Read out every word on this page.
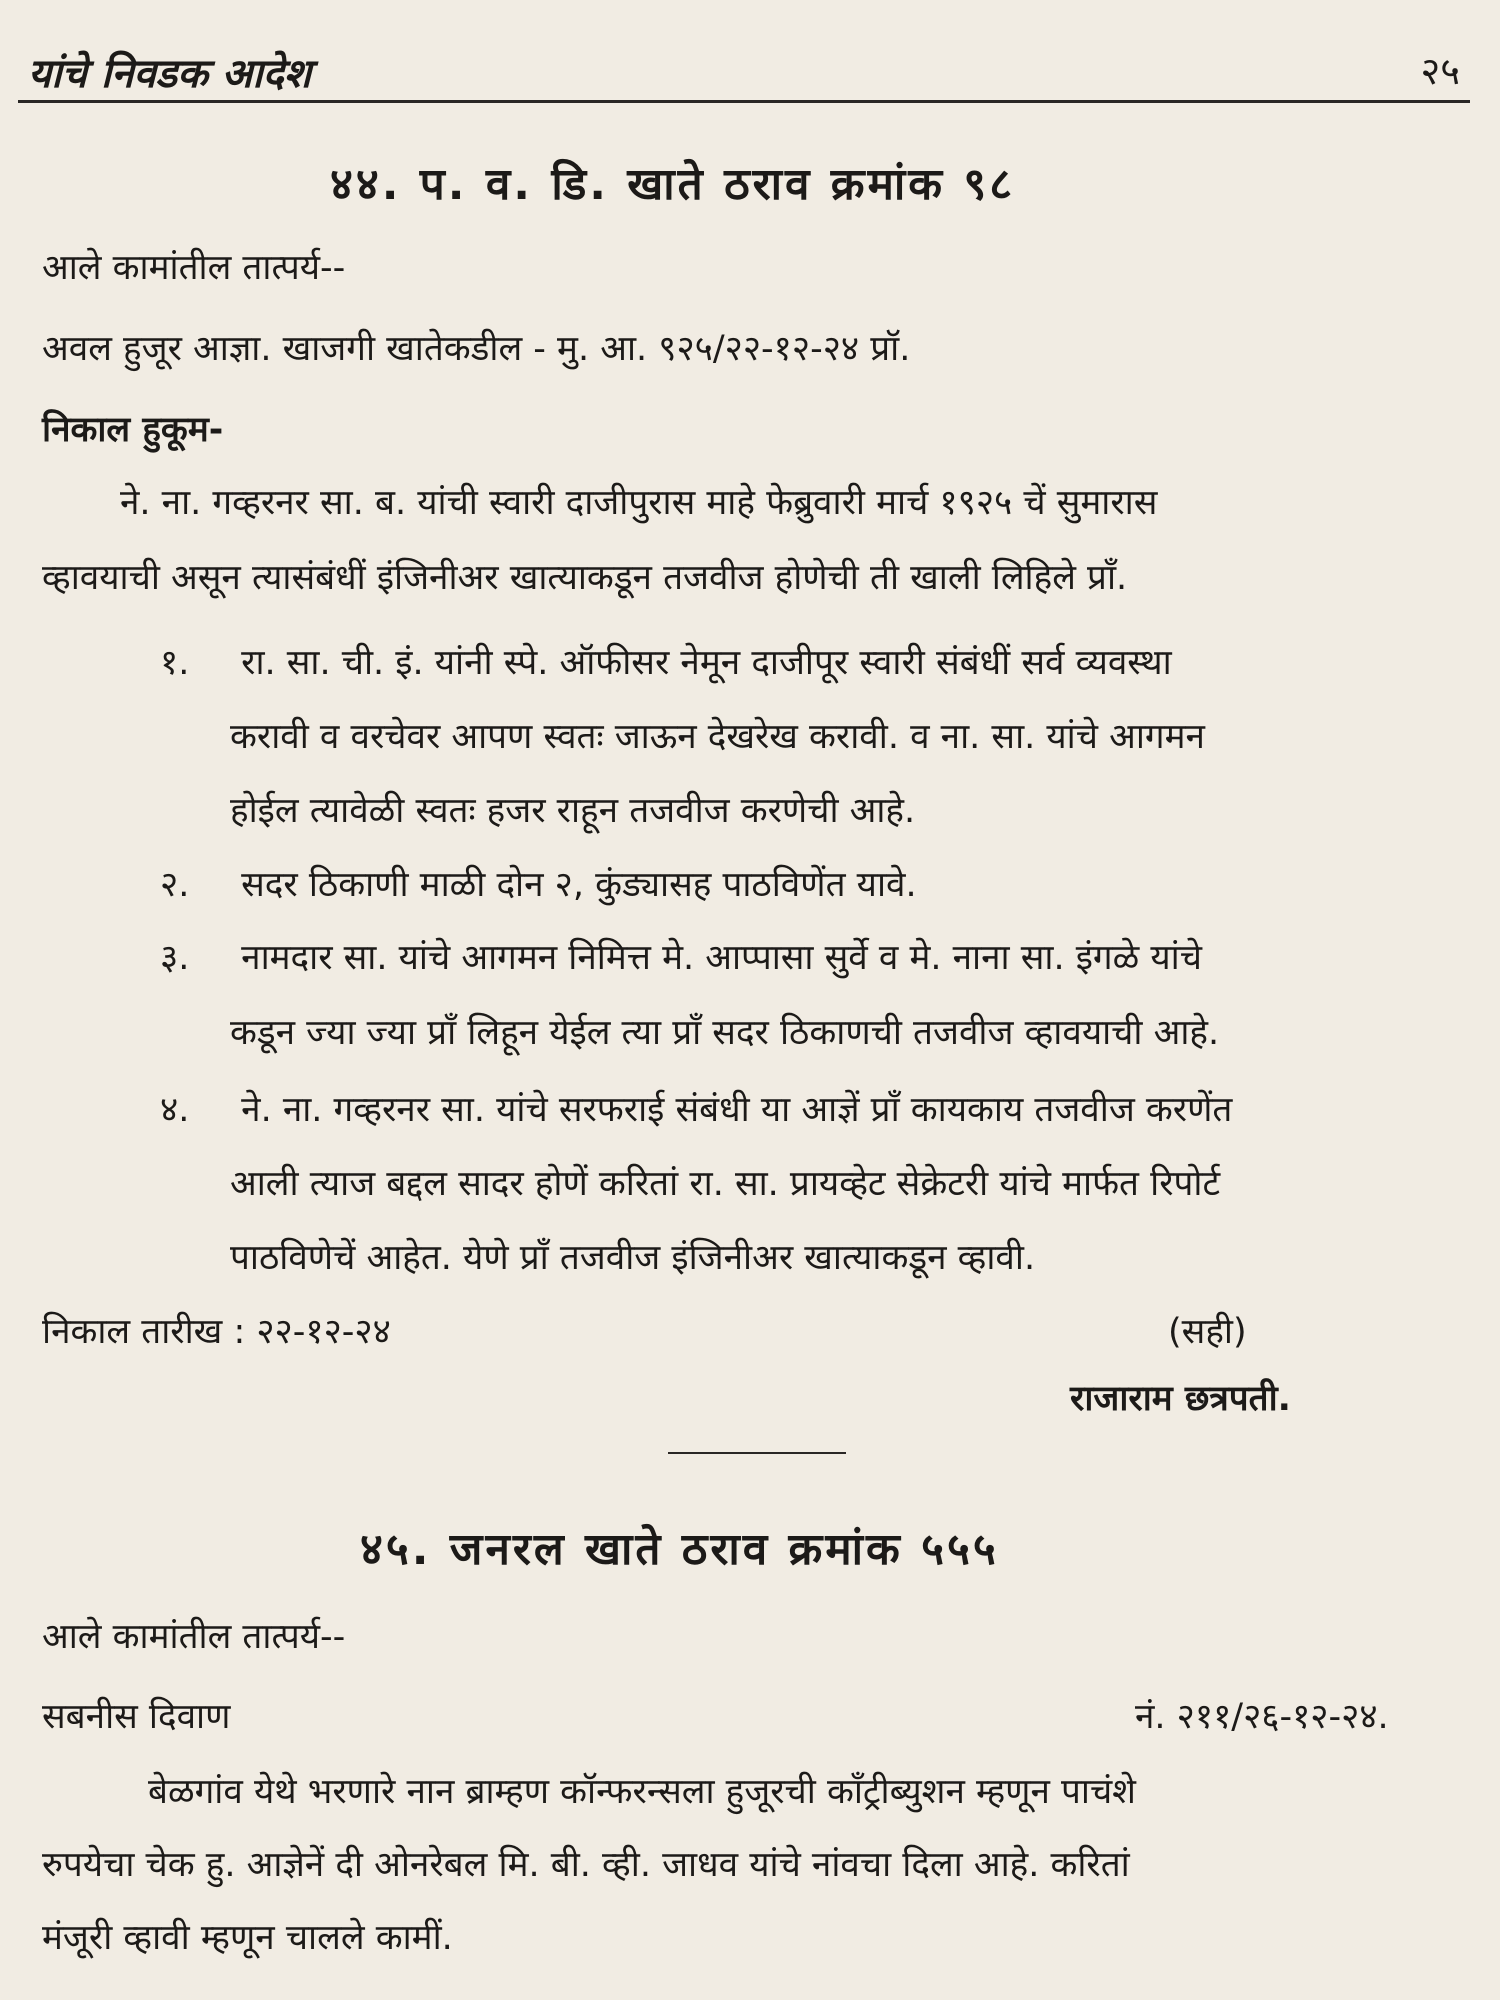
यांचे निवडक आदेश	२५
४४. प. व. डि. खाते ठराव क्रमांक ९८
आले कामांतील तात्पर्य--
अवल हुजूर आज्ञा. खाजगी खातेकडील - मु. आ. ९२५/२२-१२-२४ प्रॉ.
निकाल हुकूम-
ने. ना. गव्हरनर सा. ब. यांची स्वारी दाजीपुरास माहे फेब्रुवारी मार्च १९२५ चें सुमारास
व्हावयाची असून त्यासंबंधीं इंजिनीअर खात्याकडून तजवीज होणेची ती खाली लिहिले प्रॉं.
१. रा. सा. ची. इं. यांनी स्पे. ऑफीसर नेमून दाजीपूर स्वारी संबंधीं सर्व व्यवस्था
करावी व वरचेवर आपण स्वतः जाऊन देखरेख करावी. व ना. सा. यांचे आगमन
होईल त्यावेळी स्वतः हजर राहून तजवीज करणेची आहे.
२. सदर ठिकाणी माळी दोन २, कुंड्यासह पाठविणेंत यावे.
३. नामदार सा. यांचे आगमन निमित्त मे. आप्पासा सुर्वे व मे. नाना सा. इंगळे यांचे
कडून ज्या ज्या प्रॉं लिहून येईल त्या प्रॉं सदर ठिकाणची तजवीज व्हावयाची आहे.
४. ने. ना. गव्हरनर सा. यांचे सरफराई संबंधी या आज्ञें प्रॉं कायकाय तजवीज करणेंत
आली त्याज बद्दल सादर होणें करितां रा. सा. प्रायव्हेट सेक्रेटरी यांचे मार्फत रिपोर्ट
पाठविणेचें आहेत. येणे प्रॉं तजवीज इंजिनीअर खात्याकडून व्हावी.
निकाल तारीख : २२-१२-२४	(सही)
राजाराम छत्रपती.
४५. जनरल खाते ठराव क्रमांक ५५५
आले कामांतील तात्पर्य--
सबनीस दिवाण	नं. २११/२६-१२-२४.
बेळगांव येथे भरणारे नान ब्राम्हण कॉन्फरन्सला हुजूरची कॉंट्रीब्युशन म्हणून पाचंशे
रुपयेचा चेक हु. आज्ञेनें दी ओनरेबल मि. बी. व्ही. जाधव यांचे नांवचा दिला आहे. करितां
मंजूरी व्हावी म्हणून चालले कामीं.
